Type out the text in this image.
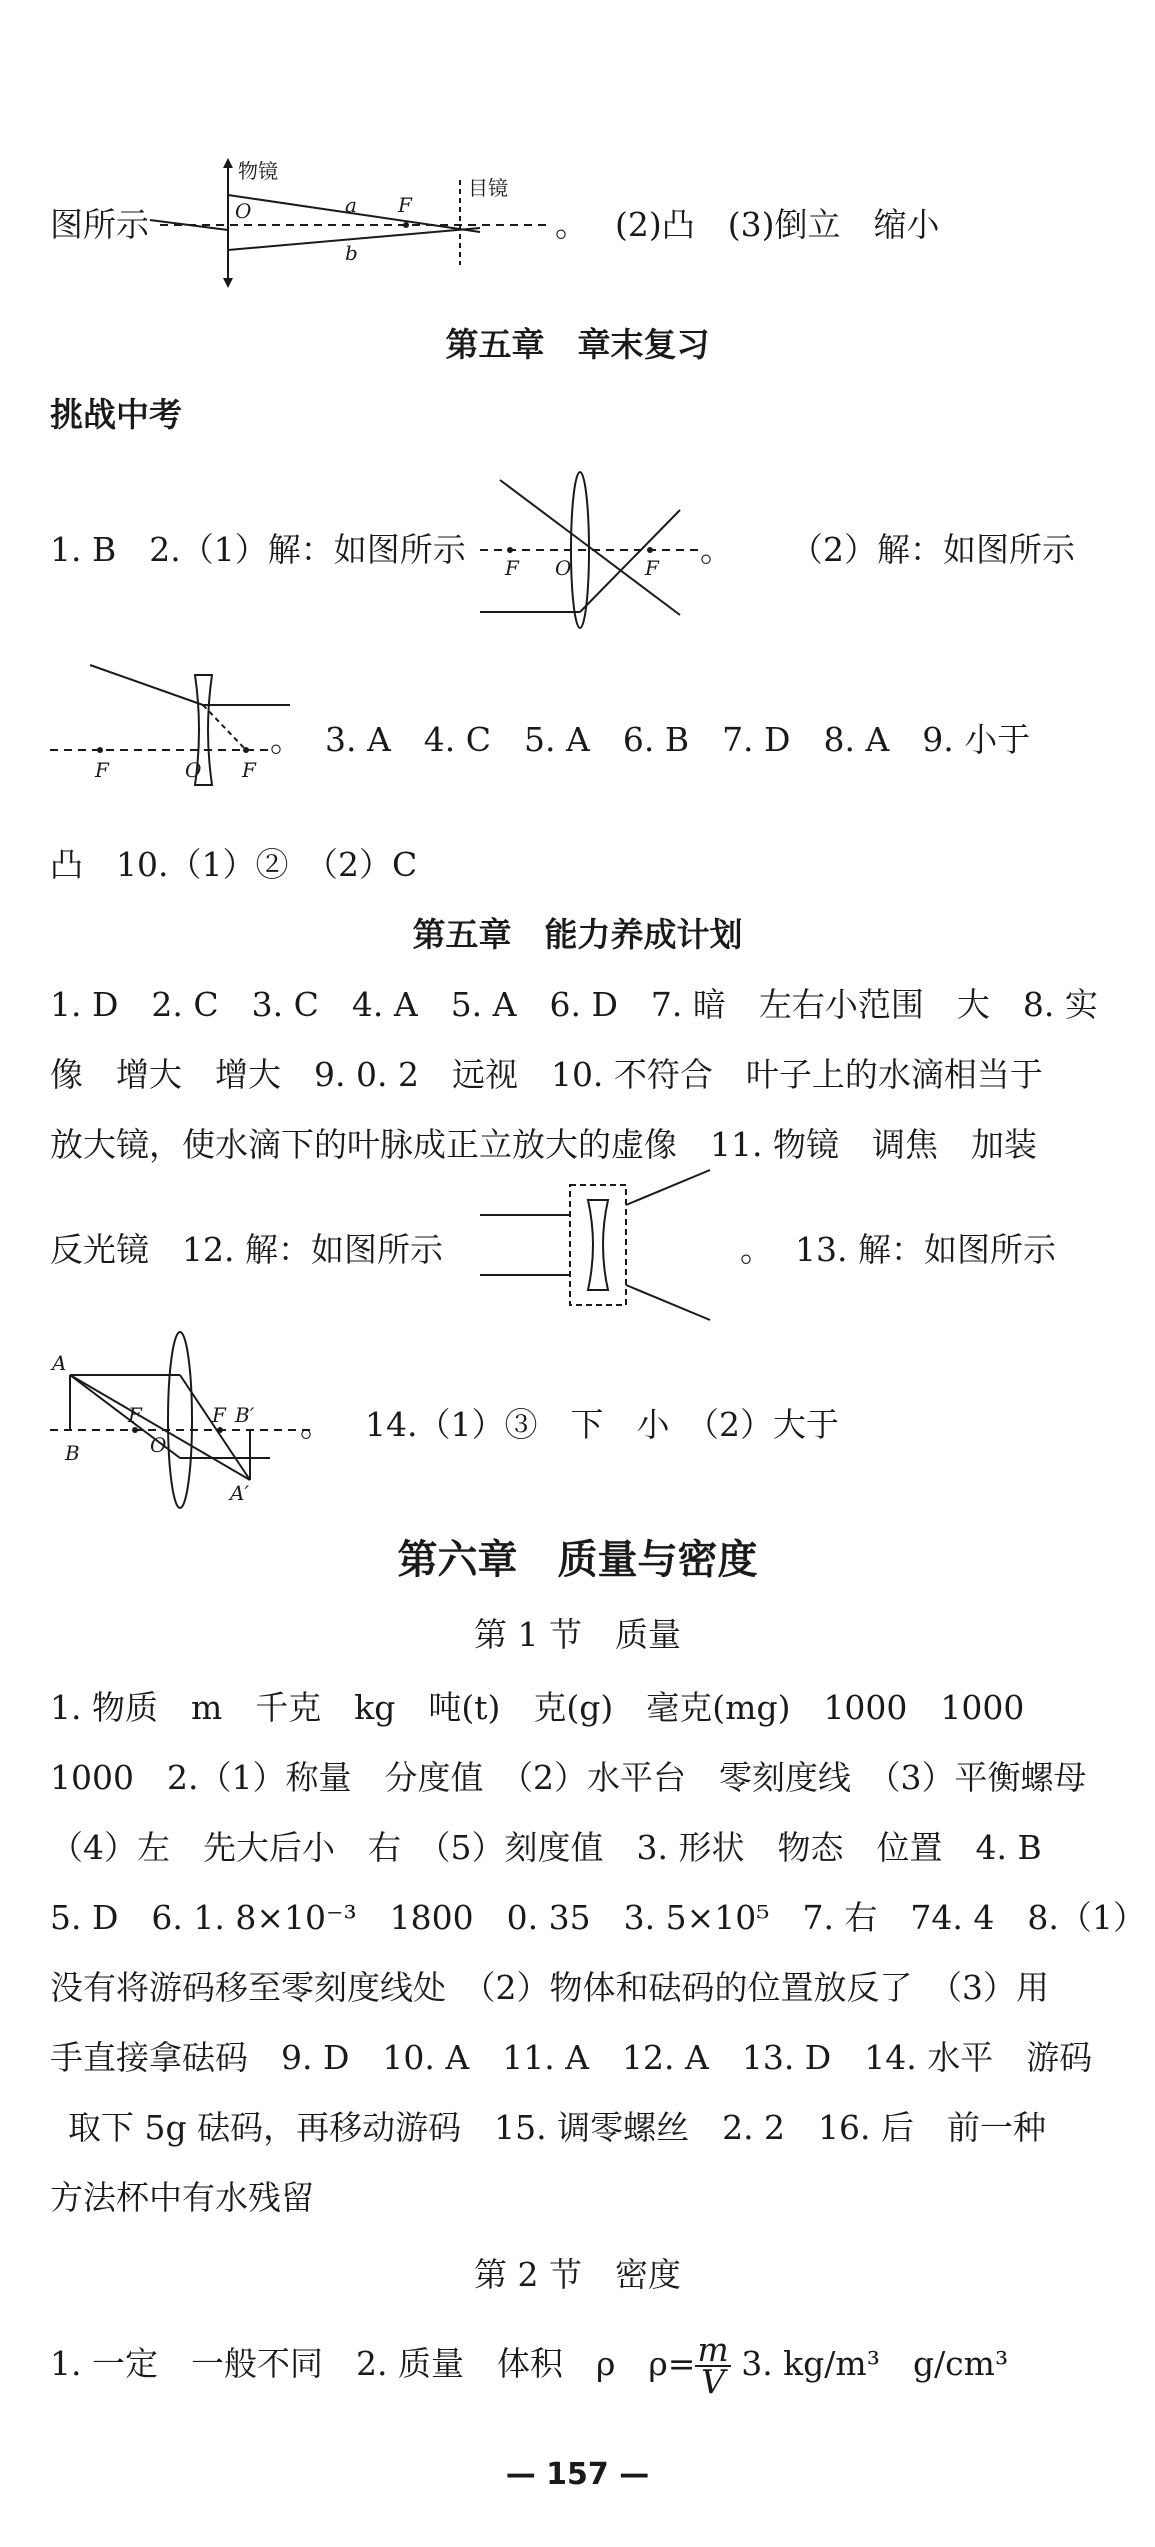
图所示	O	F
a
b
物镜
目镜
。 (2)凸　(3)倒立　缩小
第五章　章末复习
挑战中考
1. B　2.（1）解：如图所示 F O	F 。 （2）解：如图所示
F	O F
。 3. A　4. C　5. A　6. B　7. D　8. A　9. 小于
凸　10.（1）②　（2）C
第五章　能力养成计划
1. D　2. C　3. C　4. A　5. A　6. D　7. 暗　左右小范围　大　8. 实
像　增大　增大　9. 0. 2　远视　10. 不符合　叶子上的水滴相当于
放大镜，使水滴下的叶脉成正立放大的虚像　11. 物镜　调焦　加装
反光镜　12. 解：如图所示	。 13. 解：如图所示
A
B
F
O
F B′
A′
。 14.（1）③　下　小　（2）大于
第六章　质量与密度
第 1 节　质量
1. 物质　m　千克　kg　吨(t)　克(g)　毫克(mg)　1000　1000
1000　2.（1）称量　分度值　（2）水平台　零刻度线　（3）平衡螺母
（4）左　先大后小　右　（5）刻度值　3. 形状　物态　位置　4. B
5. D　6. 1. 8×10⁻³　1800　0. 35　3. 5×10⁵　7. 右　74. 4　8.（1）
没有将游码移至零刻度线处　（2）物体和砝码的位置放反了　（3）用
手直接拿砝码　9. D　10. A　11. A　12. A　13. D　14. 水平　游码
取下 5g 砝码，再移动游码　15. 调零螺丝　2. 2　16. 后　前一种
方法杯中有水残留
第 2 节　密度
1. 一定　一般不同　2. 质量　体积　ρ　$\rho= \frac{m}{V} 3$. kg/m³　g/cm³
— 157 —
